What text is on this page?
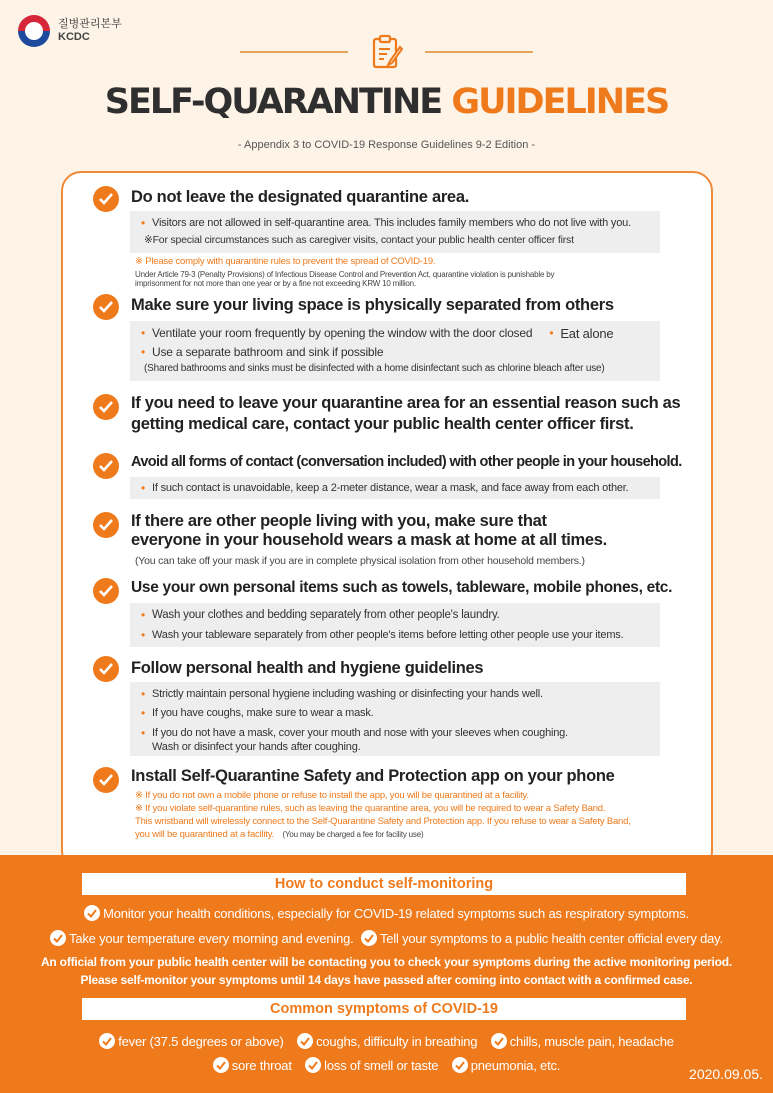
질병관리본부
KCDC
SELF-QUARANTINE GUIDELINES
- Appendix 3 to COVID-19 Response Guidelines 9-2 Edition -
Do not leave the designated quarantine area.
• Visitors are not allowed in self-quarantine area. This includes family members who do not live with you.
※For special circumstances such as caregiver visits, contact your public health center officer first
※ Please comply with quarantine rules to prevent the spread of COVID-19.
Under Article 79-3 (Penalty Provisions) of Infectious Disease Control and Prevention Act, quarantine violation is punishable by
imprisonment for not more than one year or by a fine not exceeding KRW 10 million.
Make sure your living space is physically separated from others
• Ventilate your room frequently by opening the window with the door closed
•	Eat alone
• Use a separate bathroom and sink if possible
(Shared bathrooms and sinks must be disinfected with a home disinfectant such as chlorine bleach after use)
If you need to leave your quarantine area for an essential reason such as
getting medical care, contact your public health center officer first.
Avoid all forms of contact (conversation included) with other people in your household.
• If such contact is unavoidable, keep a 2-meter distance, wear a mask, and face away from each other.
If there are other people living with you, make sure that
everyone in your household wears a mask at home at all times.
(You can take off your mask if you are in complete physical isolation from other household members.)
Use your own personal items such as towels, tableware, mobile phones, etc.
• Wash your clothes and bedding separately from other people's laundry.
• Wash your tableware separately from other people's items before letting other people use your items.
Follow personal health and hygiene guidelines
• Strictly maintain personal hygiene including washing or disinfecting your hands well.
• If you have coughs, make sure to wear a mask.
• If you do not have a mask, cover your mouth and nose with your sleeves when coughing.
Wash or disinfect your hands after coughing.
Install Self-Quarantine Safety and Protection app on your phone
※ If you do not own a mobile phone or refuse to install the app, you will be quarantined at a facility.
※ If you violate self-quarantine rules, such as leaving the quarantine area, you will be required to wear a Safety Band.
This wristband will wirelessly connect to the Self-Quarantine Safety and Protection app. If you refuse to wear a Safety Band,
you will be quarantined at a facility. (You may be charged a fee for facility use)
How to conduct self-monitoring
Monitor your health conditions, especially for COVID-19 related symptoms such as respiratory symptoms.
Take your temperature every morning and evening. Tell your symptoms to a public health center official every day.
An official from your public health center will be contacting you to check your symptoms during the active monitoring period.
Please self-monitor your symptoms until 14 days have passed after coming into contact with a confirmed case.
Common symptoms of COVID-19
fever (37.5 degrees or above) coughs, difficulty in breathing chills, muscle pain, headache
sore throat loss of smell or taste pneumonia, etc.
2020.09.05.
